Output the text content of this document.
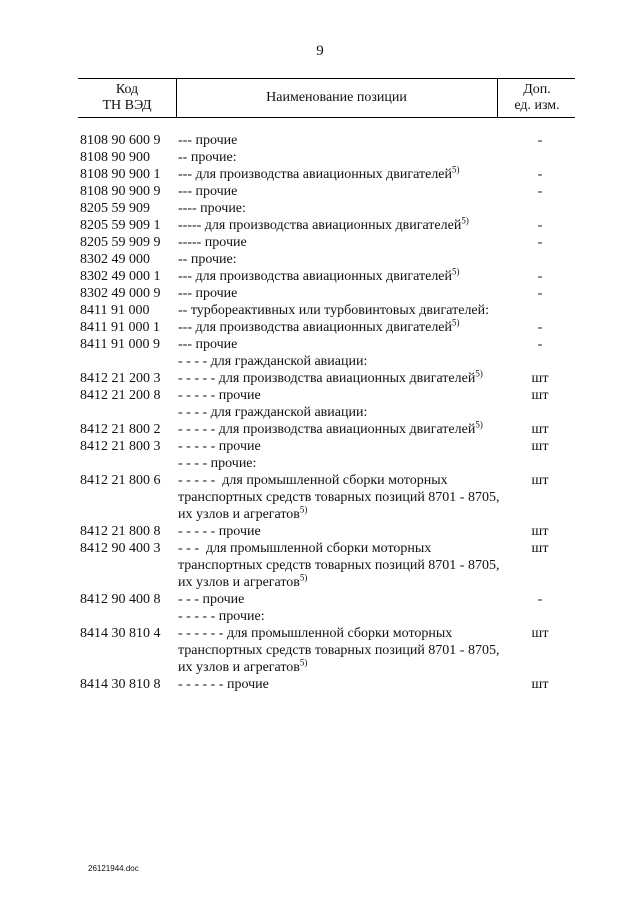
9
Код
ТН ВЭД
Наименование позиции
Доп.
ед. изм.
8108 90 600 9 --- прочие	-
8108 90 900 -- прочие:
8108 90 900 1 --- для производства авиационных двигателей$^{5)}$	-
8108 90 900 9 --- прочие	-
8205 59 909 ---- прочие:
8205 59 909 1 ----- для производства авиационных двигателей$^{5)}$	-
8205 59 909 9 ----- прочие	-
8302 49 000 -- прочие:
8302 49 000 1 --- для производства авиационных двигателей$^{5)}$	-
8302 49 000 9 --- прочие	-
8411 91 000 -- турбореактивных или турбовинтовых двигателей:
8411 91 000 1 --- для производства авиационных двигателей$^{5)}$	-
8411 91 000 9 --- прочие	-
- - - - для гражданской авиации:
8412 21 200 3 - - - - - для производства авиационных двигателей$^{5)}$	шт
8412 21 200 8 - - - - - прочие	шт
- - - - для гражданской авиации:
8412 21 800 2 - - - - - для производства авиационных двигателей$^{5)}$	шт
8412 21 800 3 - - - - - прочие	шт
- - - - прочие:
8412 21 800 6 - - - - -  для промышленной сборки моторных транспортных средств товарных позиций 8701 - 8705, их узлов и агрегатов$^{5)}$
шт
8412 21 800 8 - - - - - прочие	шт
8412 90 400 3 - - -  для промышленной сборки моторных транспортных средств товарных позиций 8701 - 8705, их узлов и агрегатов$^{5)}$
шт
8412 90 400 8 - - - прочие	-
- - - - - прочие:
8414 30 810 4 - - - - - - для промышленной сборки моторных транспортных средств товарных позиций 8701 - 8705, их узлов и агрегатов$^{5)}$
шт
8414 30 810 8 - - - - - - прочие	шт
26121944.doc
